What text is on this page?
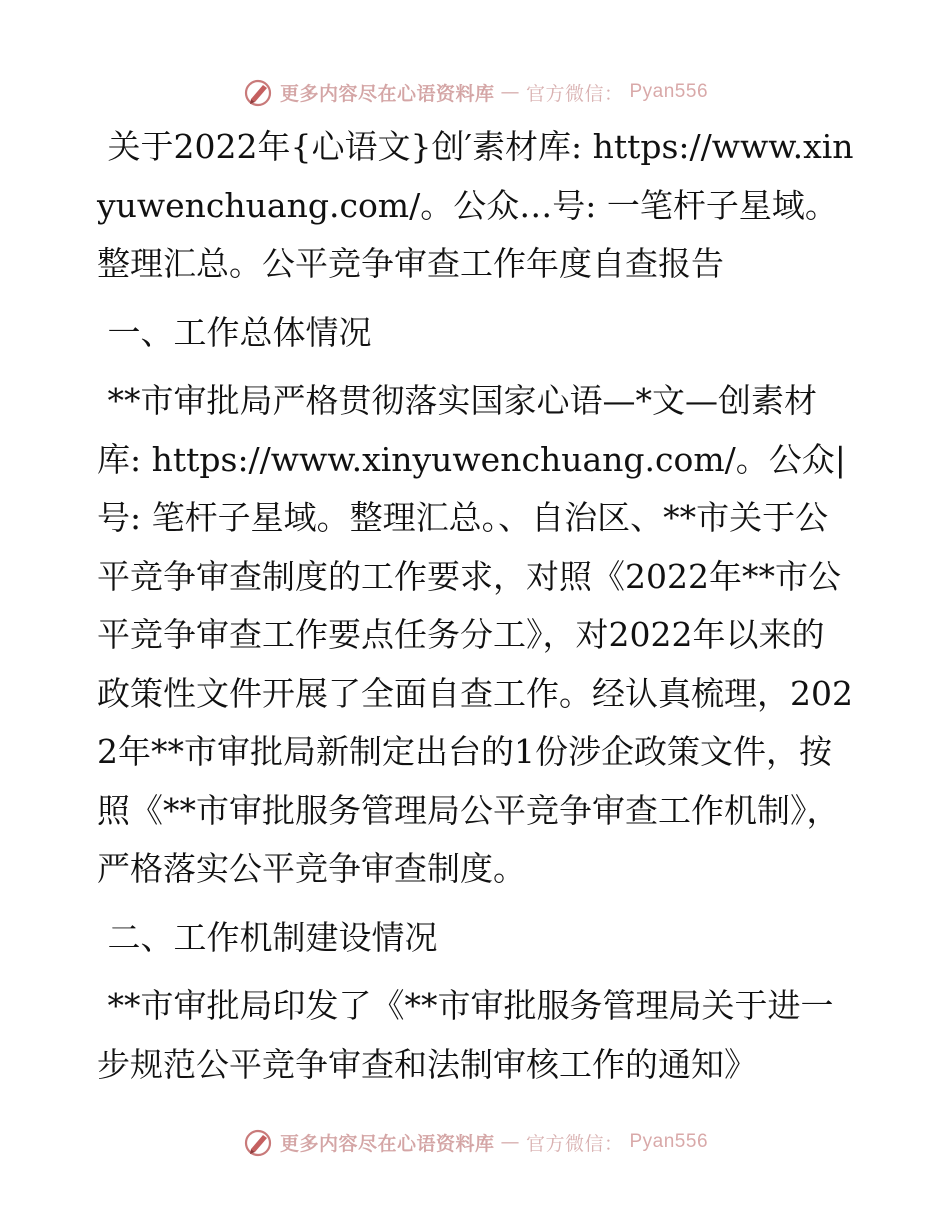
更多内容尽在心语资料库 — 官方微信： Pyan556

关于2022年{心语文}创′素材库: https://www.xinyuwenchuang.com/。公众…号: 一笔杆子星域。整理汇总。公平竞争审查工作年度自查报告

一、工作总体情况

**市审批局严格贯彻落实国家心语—*文—创素材库: https://www.xinyuwenchuang.com/。公众|号: 笔杆子星域。整理汇总。、自治区、**市关于公平竞争审查制度的工作要求，对照《2022年**市公平竞争审查工作要点任务分工》，对2022年以来的政策性文件开展了全面自查工作。经认真梳理，2022年**市审批局新制定出台的1份涉企政策文件，按照《**市审批服务管理局公平竞争审查工作机制》，严格落实公平竞争审查制度。

二、工作机制建设情况

**市审批局印发了《**市审批服务管理局关于进一步规范公平竞争审查和法制审核工作的通知》

更多内容尽在心语资料库 — 官方微信： Pyan556
